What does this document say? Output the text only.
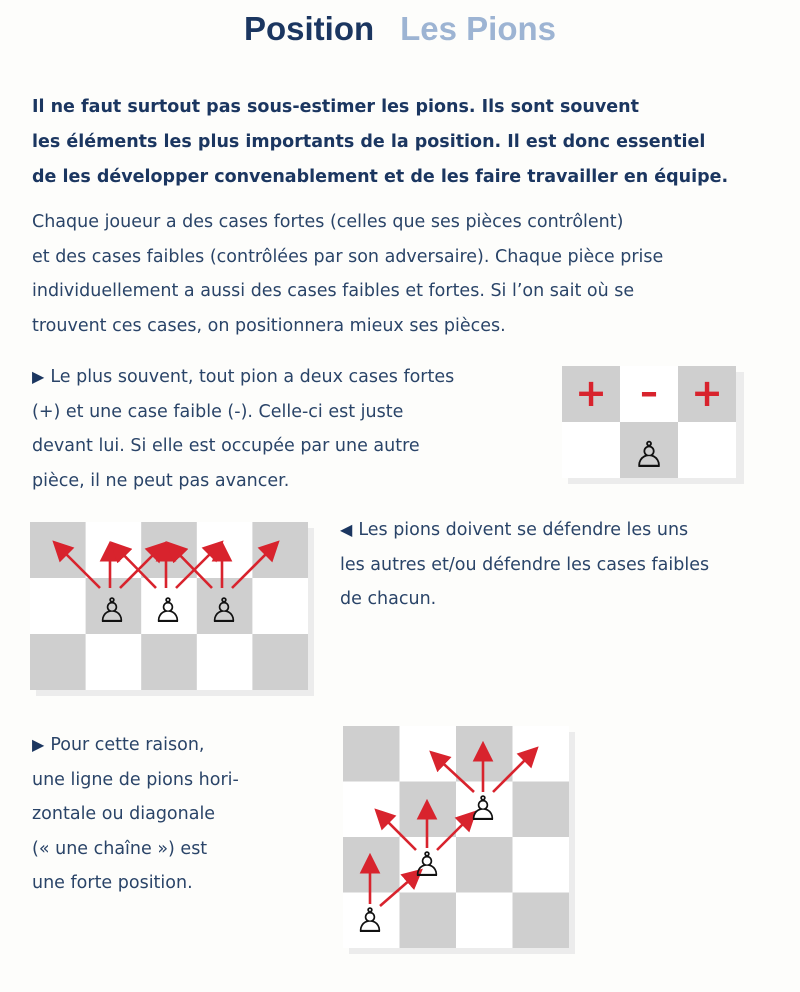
Position Les Pions

Il ne faut surtout pas sous-estimer les pions. Ils sont souvent

les éléments les plus importants de la position. Il est donc essentiel

de les développer convenablement et de les faire travailler en équipe.

Chaque joueur a des cases fortes (celles que ses pièces contrôlent)

et des cases faibles (contrôlées par son adversaire). Chaque pièce prise

individuellement a aussi des cases faibles et fortes. Si l’on sait où se

trouvent ces cases, on positionnera mieux ses pièces.

▶ Le plus souvent, tout pion a deux cases fortes

(+) et une case faible (-). Celle-ci est juste

devant lui. Si elle est occupée par une autre

pièce, il ne peut pas avancer.

+ – +
♙
♙ ♙ ♙

◀ Les pions doivent se défendre les uns

les autres et/ou défendre les cases faibles

de chacun.

▶ Pour cette raison,

une ligne de pions hori-

zontale ou diagonale

(« une chaîne ») est

une forte position.

♙
♙
♙
